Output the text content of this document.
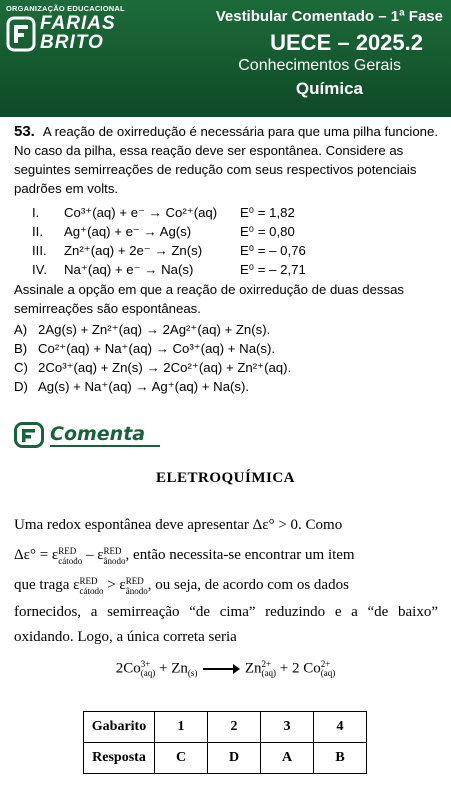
ORGANIZAÇÃO EDUCACIONAL
FARIAS
BRITO
Vestibular Comentado – 1ª Fase
UECE – 2025.2
Conhecimentos Gerais
Química
53. A reação de oxirredução é necessária para que uma pilha funcione. No caso da pilha, essa reação deve ser espontânea. Considere as seguintes semirreações de redução com seus respectivos potenciais padrões em volts.
I.	Co³⁺(aq) + e⁻ → Co²⁺(aq)	E⁰ = 1,82
II.	Ag⁺(aq) + e⁻ → Ag(s)	E⁰ = 0,80
III.	Zn²⁺(aq) + 2e⁻ → Zn(s)	E⁰ = – 0,76
IV.	Na⁺(aq) + e⁻ → Na(s)	E⁰ = – 2,71
Assinale a opção em que a reação de oxirredução de duas dessas semirreações são espontâneas.
A) 2Ag(s) + Zn²⁺(aq) → 2Ag²⁺(aq) + Zn(s).
B) Co²⁺(aq) + Na⁺(aq) → Co³⁺(aq) + Na(s).
C) 2Co³⁺(aq) + Zn(s) → 2Co²⁺(aq) + Zn²⁺(aq).
D) Ag(s) + Na⁺(aq) → Ag⁺(aq) + Na(s).
Comenta
ELETROQUÍMICA
Uma redox espontânea deve apresentar Δε° > 0. Como
Δε° = ε RED
cátodo – ε RED
ânodo , então necessita-se encontrar um item
que traga ε RED
cátodo > ε RED
ânodo , ou seja, de acordo com os dados
fornecidos, a semirreação “de cima” reduzindo e a “de baixo” oxidando. Logo, a única correta seria
2Co 3+
(aq) + Zn
(s) → Zn 2+
(aq) + 2 Co 2+
(aq)
Gabarito	1	2	3	4
Resposta	C	D	A	B
